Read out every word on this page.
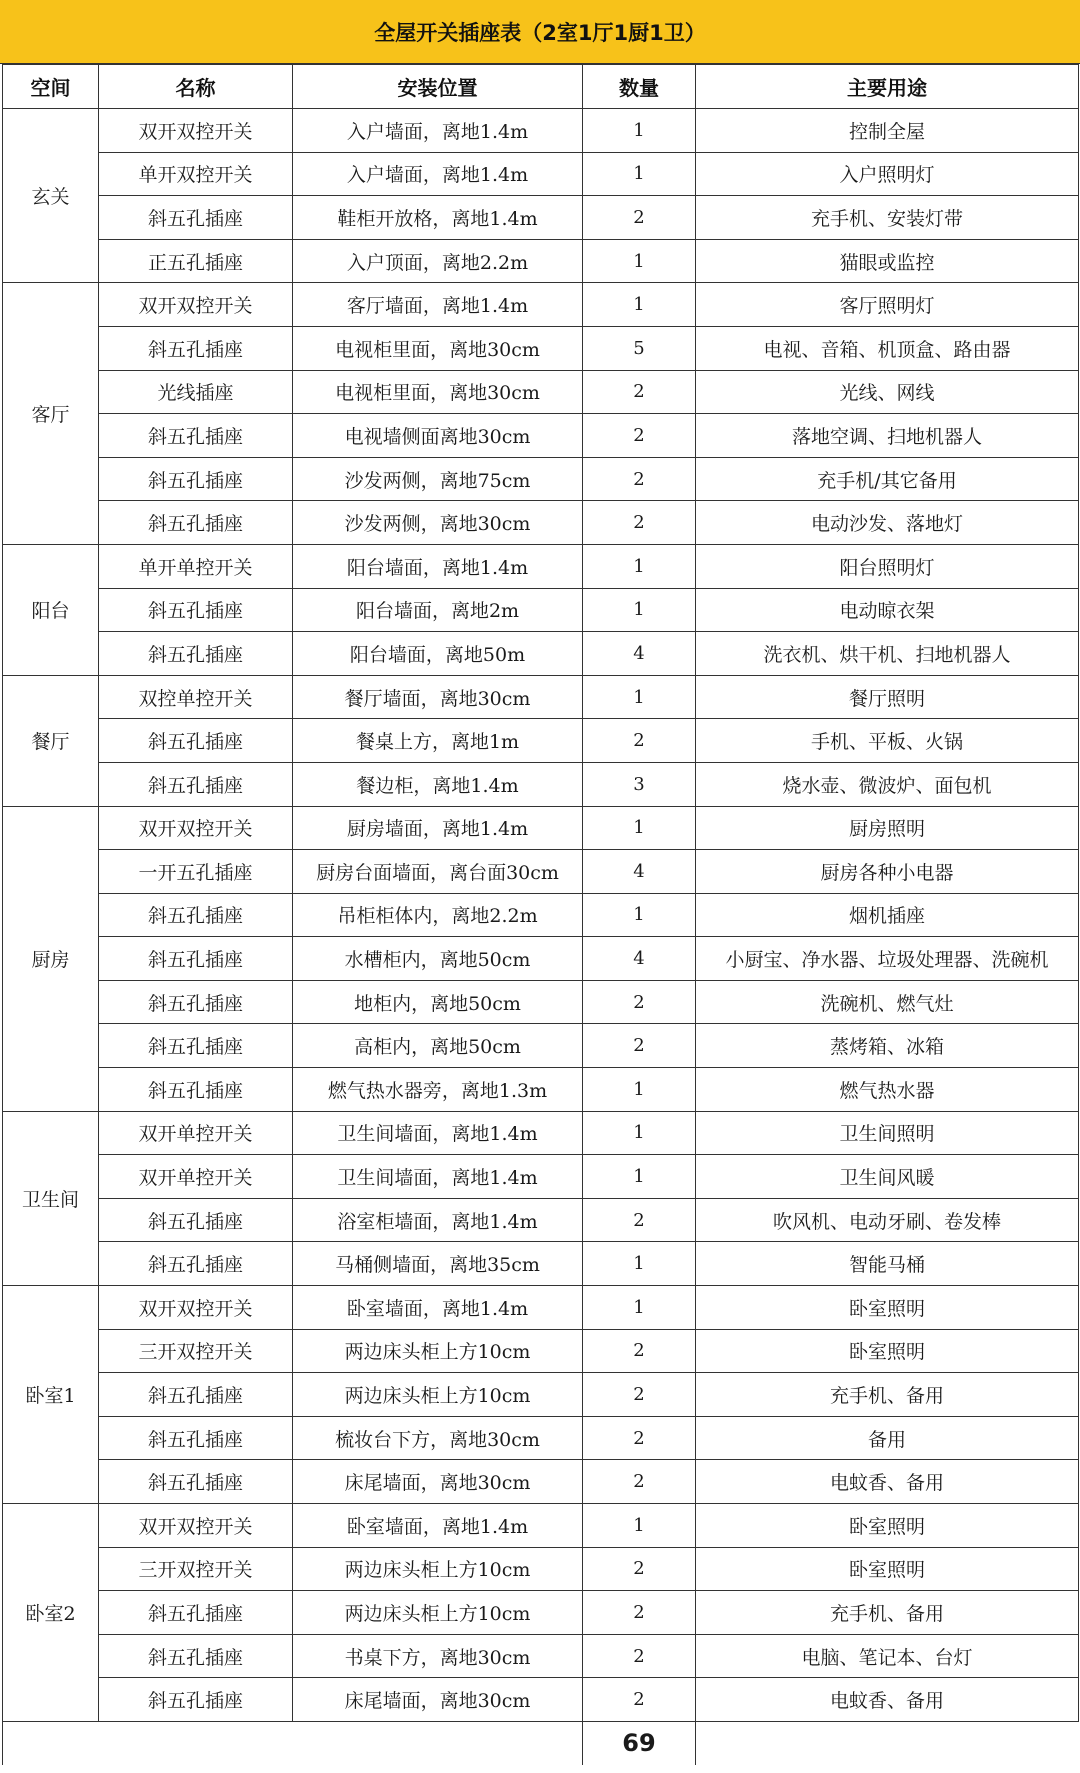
全屋开关插座表（2室1厅1厨1卫）
空间	名称	安装位置	数量	主要用途
玄关	双开双控开关	入户墙面，离地1.4m	1	控制全屋
	单开双控开关	入户墙面，离地1.4m	1	入户照明灯
	斜五孔插座	鞋柜开放格，离地1.4m	2	充手机、安装灯带
	正五孔插座	入户顶面，离地2.2m	1	猫眼或监控
客厅	双开双控开关	客厅墙面，离地1.4m	1	客厅照明灯
	斜五孔插座	电视柜里面，离地30cm	5	电视、音箱、机顶盒、路由器
	光线插座	电视柜里面，离地30cm	2	光线、网线
	斜五孔插座	电视墙侧面离地30cm	2	落地空调、扫地机器人
	斜五孔插座	沙发两侧，离地75cm	2	充手机/其它备用
	斜五孔插座	沙发两侧，离地30cm	2	电动沙发、落地灯
阳台	单开单控开关	阳台墙面，离地1.4m	1	阳台照明灯
	斜五孔插座	阳台墙面，离地2m	1	电动晾衣架
	斜五孔插座	阳台墙面，离地50m	4	洗衣机、烘干机、扫地机器人
餐厅	双控单控开关	餐厅墙面，离地30cm	1	餐厅照明
	斜五孔插座	餐桌上方，离地1m	2	手机、平板、火锅
	斜五孔插座	餐边柜，离地1.4m	3	烧水壶、微波炉、面包机
厨房	双开双控开关	厨房墙面，离地1.4m	1	厨房照明
	一开五孔插座	厨房台面墙面，离台面30cm	4	厨房各种小电器
	斜五孔插座	吊柜柜体内，离地2.2m	1	烟机插座
	斜五孔插座	水槽柜内，离地50cm	4	小厨宝、净水器、垃圾处理器、洗碗机
	斜五孔插座	地柜内，离地50cm	2	洗碗机、燃气灶
	斜五孔插座	高柜内，离地50cm	2	蒸烤箱、冰箱
	斜五孔插座	燃气热水器旁，离地1.3m	1	燃气热水器
卫生间	双开单控开关	卫生间墙面，离地1.4m	1	卫生间照明
	双开单控开关	卫生间墙面，离地1.4m	1	卫生间风暖
	斜五孔插座	浴室柜墙面，离地1.4m	2	吹风机、电动牙刷、卷发棒
	斜五孔插座	马桶侧墙面，离地35cm	1	智能马桶
卧室1	双开双控开关	卧室墙面，离地1.4m	1	卧室照明
	三开双控开关	两边床头柜上方10cm	2	卧室照明
	斜五孔插座	两边床头柜上方10cm	2	充手机、备用
	斜五孔插座	梳妆台下方，离地30cm	2	备用
	斜五孔插座	床尾墙面，离地30cm	2	电蚊香、备用
卧室2	双开双控开关	卧室墙面，离地1.4m	1	卧室照明
	三开双控开关	两边床头柜上方10cm	2	卧室照明
	斜五孔插座	两边床头柜上方10cm	2	充手机、备用
	斜五孔插座	书桌下方，离地30cm	2	电脑、笔记本、台灯
	斜五孔插座	床尾墙面，离地30cm	2	电蚊香、备用
			69	
